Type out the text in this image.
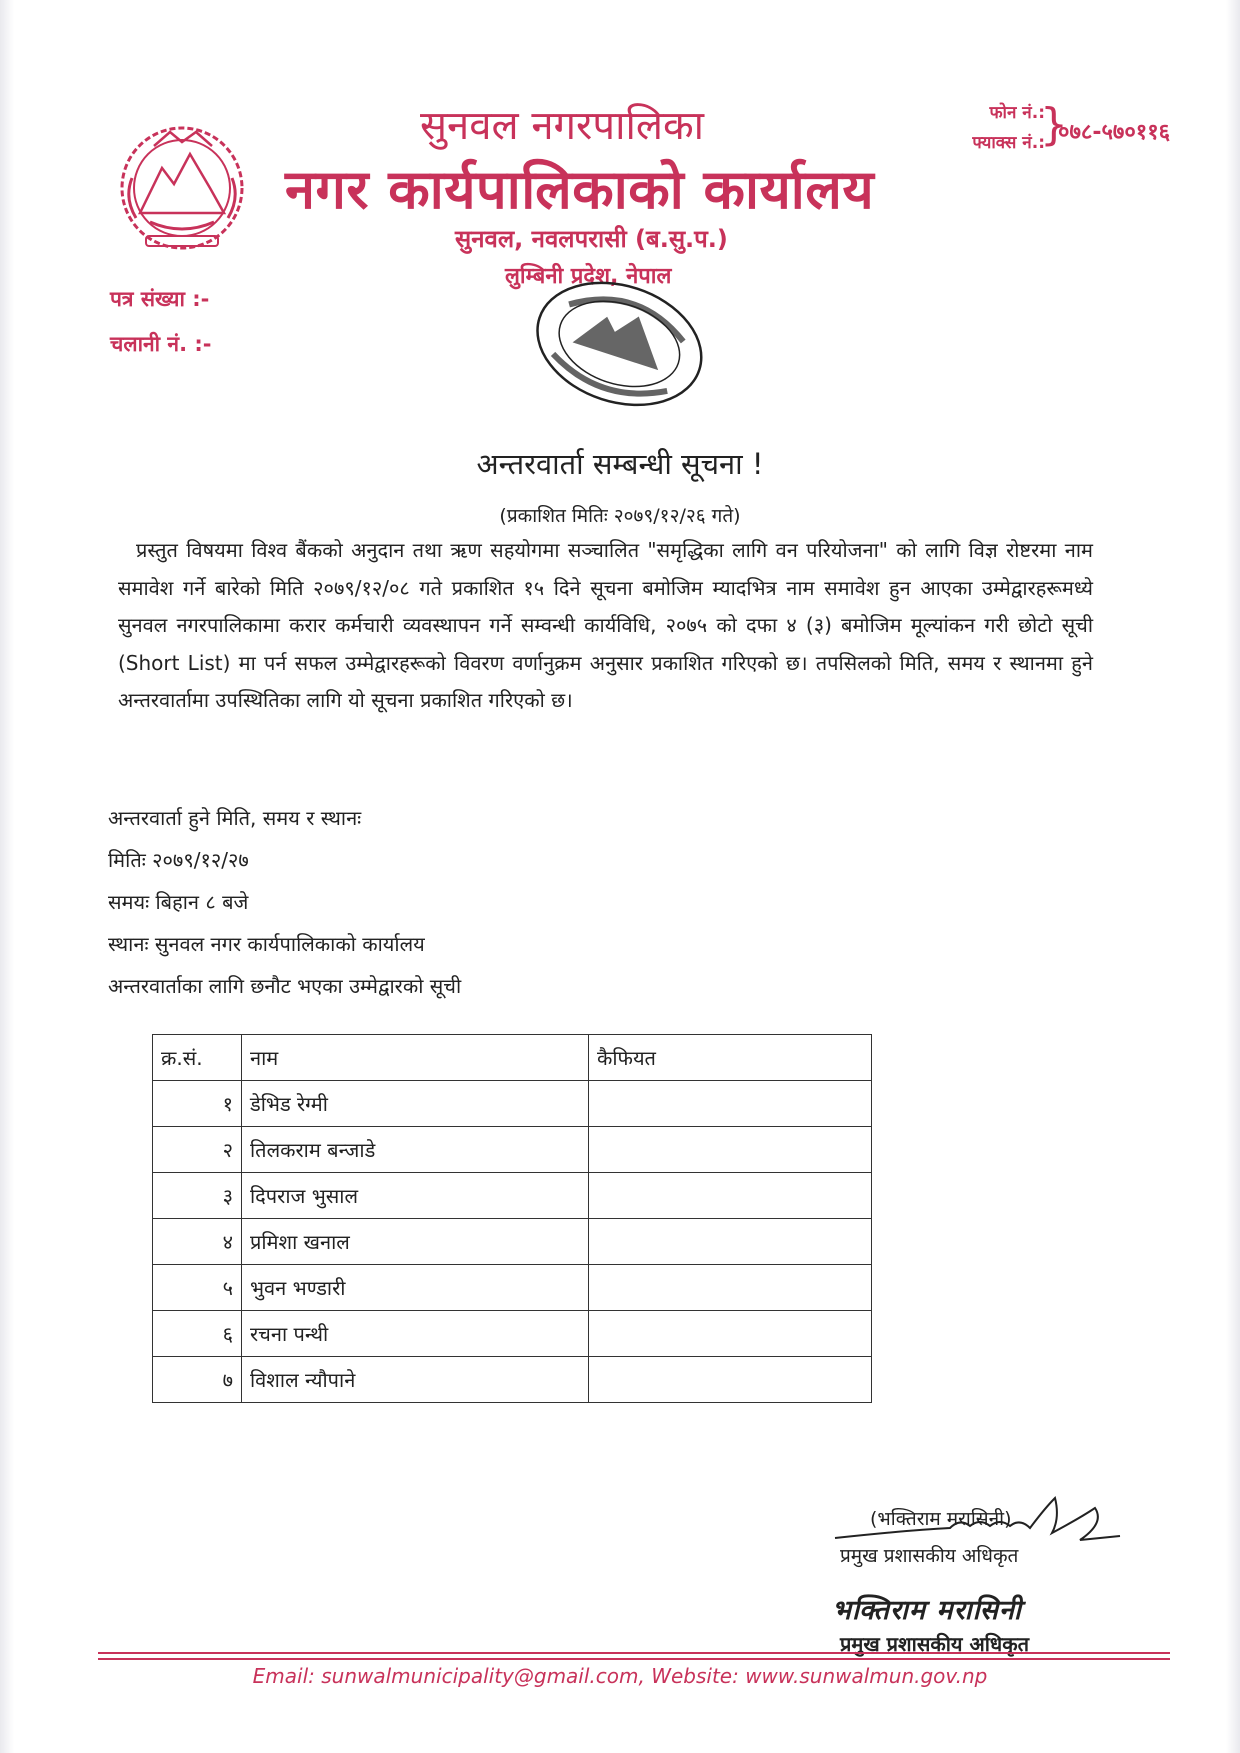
सुनवल नगरपालिका
नगर कार्यपालिकाको कार्यालय
सुनवल, नवलपरासी (ब.सु.प.)
लुम्बिनी प्रदेश, नेपाल
फोन नं.:
फ्याक्स नं.:
}
०७८-५७०११६
पत्र संख्या :-
चलानी नं. :-
अन्तरवार्ता सम्बन्धी सूचना !
(प्रकाशित मितिः २०७९/१२/२६ गते)
प्रस्तुत विषयमा विश्व बैंकको अनुदान तथा ऋण सहयोगमा सञ्चालित "समृद्धिका लागि वन परियोजना" को लागि विज्ञ रोष्टरमा नाम समावेश गर्ने बारेको मिति २०७९/१२/०८ गते प्रकाशित १५ दिने सूचना बमोजिम म्यादभित्र नाम समावेश हुन आएका उम्मेद्वारहरूमध्ये सुनवल नगरपालिकामा करार कर्मचारी व्यवस्थापन गर्ने सम्वन्धी कार्यविधि, २०७५ को दफा ४ (३) बमोजिम मूल्यांकन गरी छोटो सूची (Short List) मा पर्न सफल उम्मेद्वारहरूको विवरण वर्णानुक्रम अनुसार प्रकाशित गरिएको छ। तपसिलको मिति, समय र स्थानमा हुने अन्तरवार्तामा उपस्थितिका लागि यो सूचना प्रकाशित गरिएको छ।
अन्तरवार्ता हुने मिति, समय र स्थानः
मितिः २०७९/१२/२७
समयः बिहान ८ बजे
स्थानः सुनवल नगर कार्यपालिकाको कार्यालय
अन्तरवार्ताका लागि छनौट भएका उम्मेद्वारको सूची
क्र.सं.	नाम	कैफियत
१	डेभिड रेग्मी	
२	तिलकराम बन्जाडे	
३	दिपराज भुसाल	
४	प्रमिशा खनाल	
५	भुवन भण्डारी	
६	रचना पन्थी	
७	विशाल न्यौपाने	
(भक्तिराम मरासिनी)
प्रमुख प्रशासकीय अधिकृत
भक्तिराम मरासिनी
प्रमुख प्रशासकीय अधिकृत
Email: sunwalmunicipality@gmail.com, Website: www.sunwalmun.gov.np
